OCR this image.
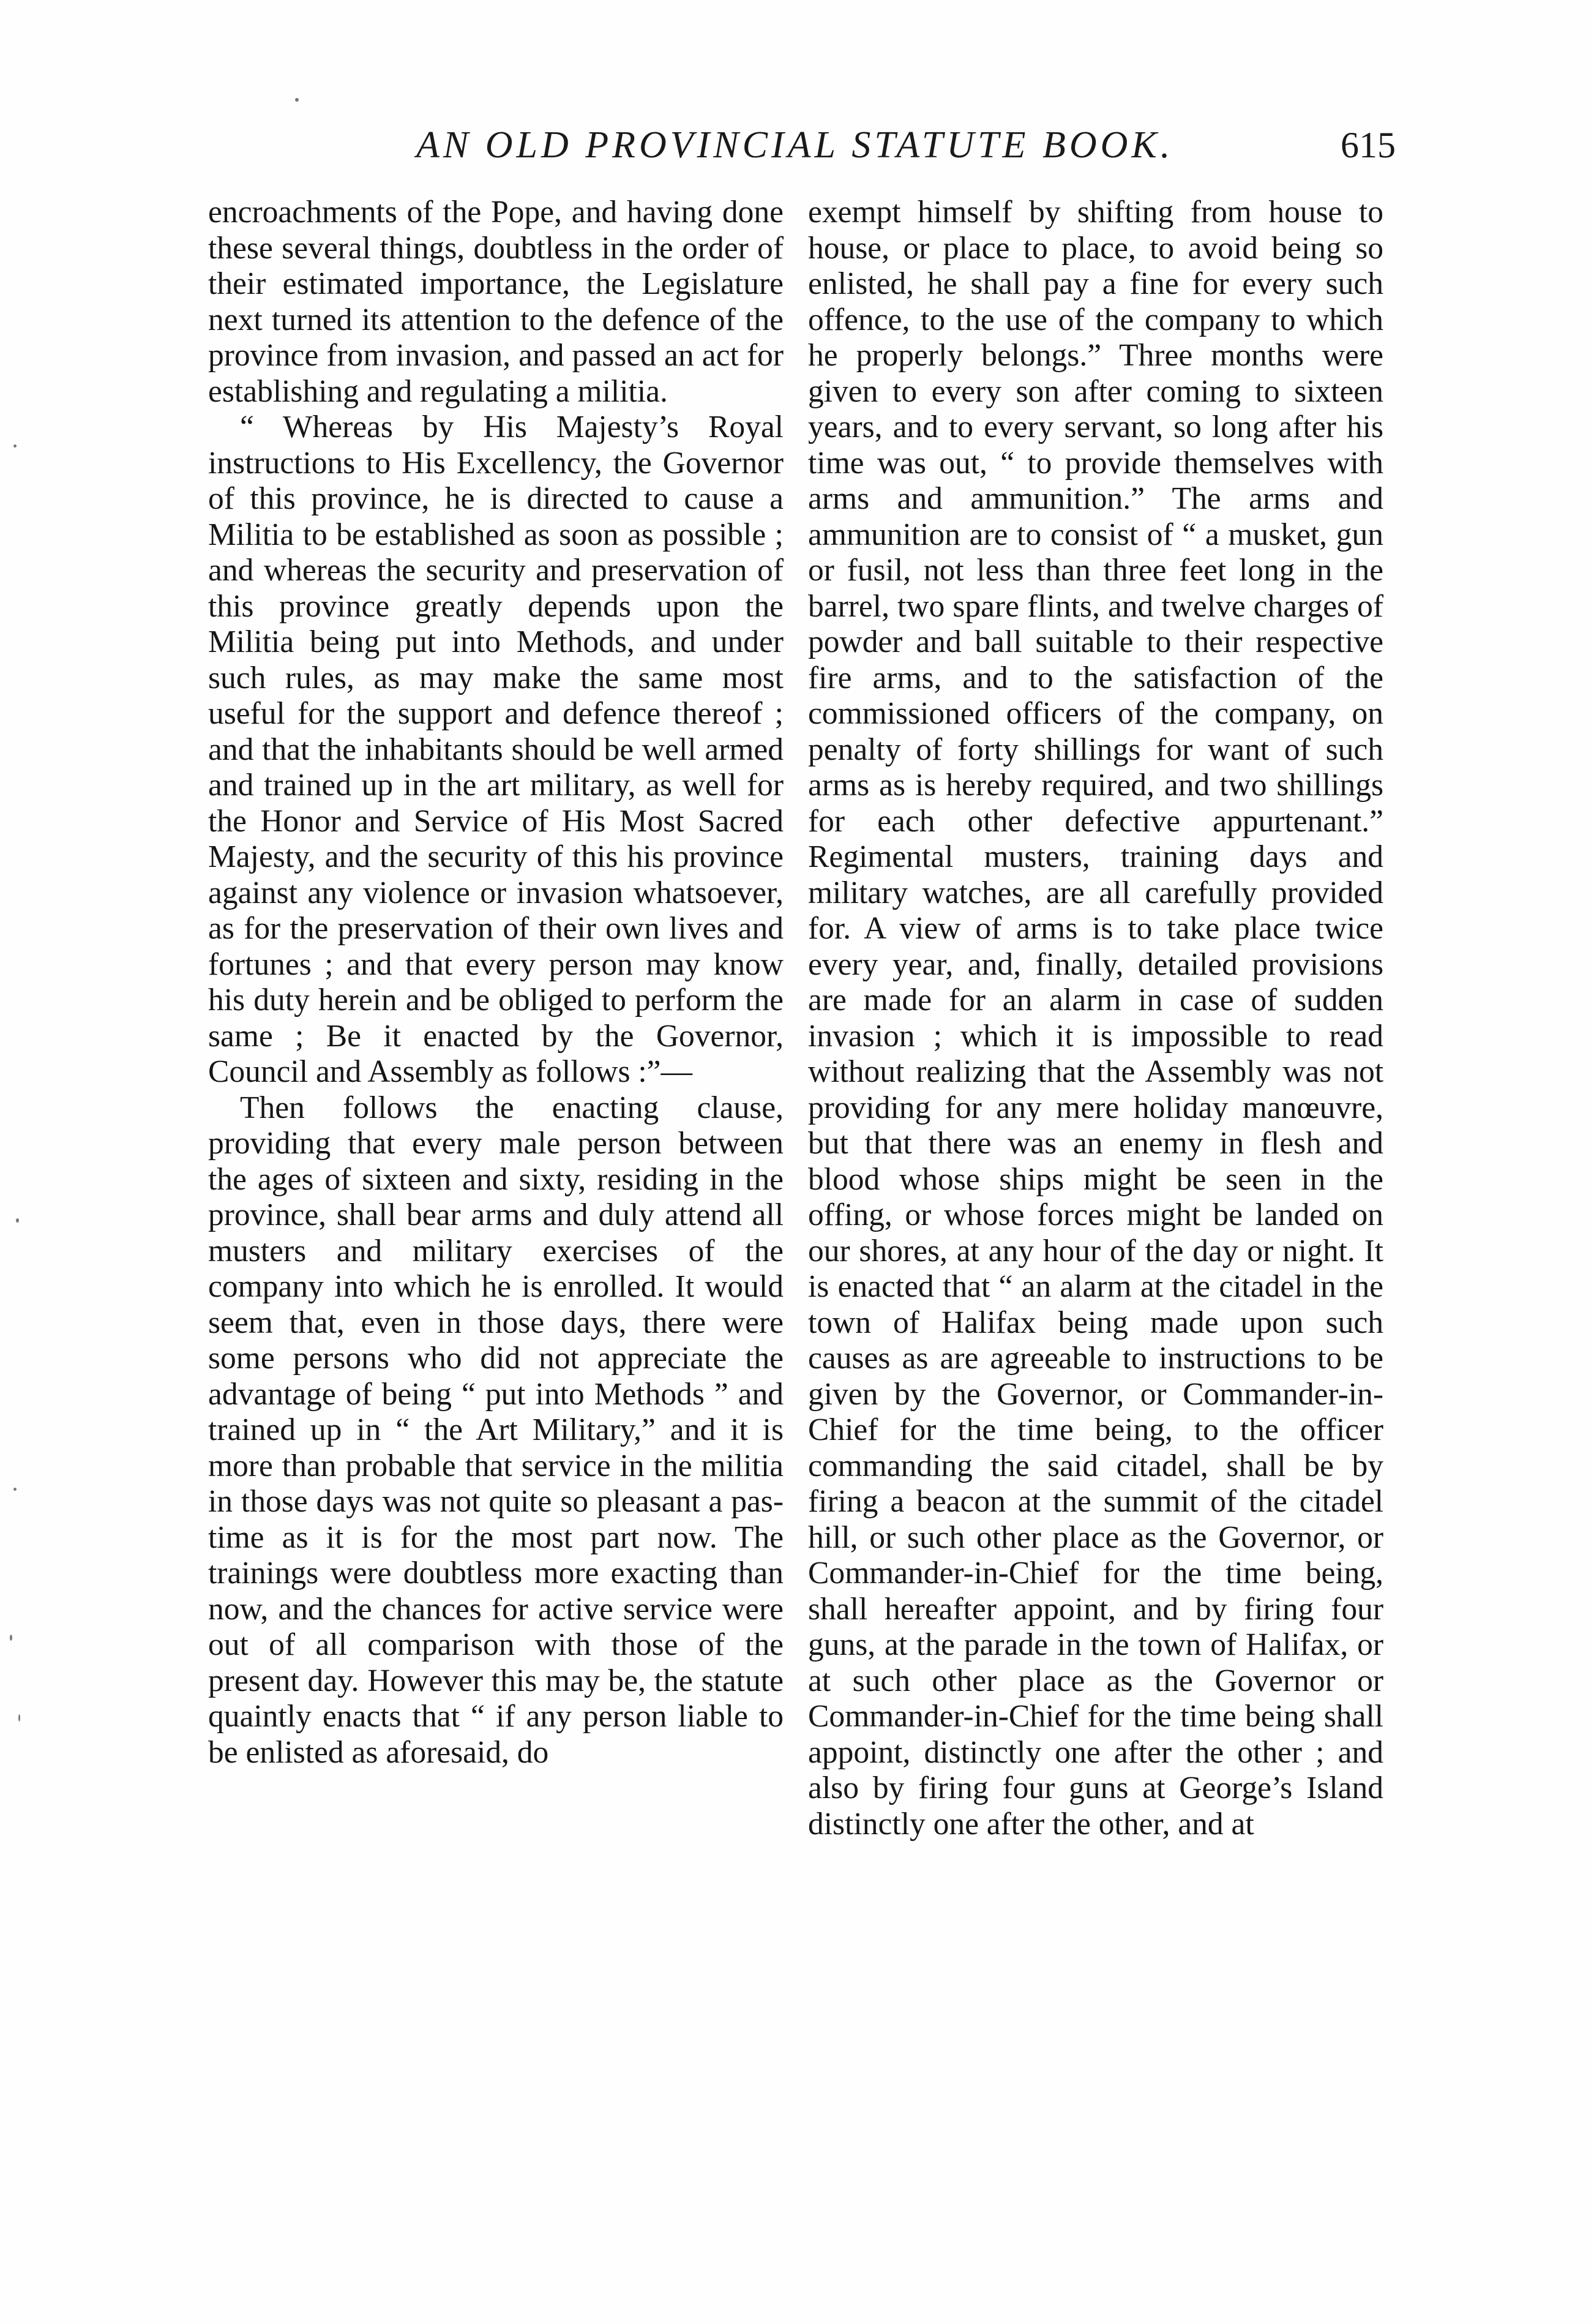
AN OLD PROVINCIAL STATUTE BOOK.	615

encroachments of the Pope, and having done these several things, doubtless in the order of their estimated importance, the Legislature next turned its attention to the defence of the province from invasion, and passed an act for establishing and regulating a militia.

“ Whereas by His Majesty’s Royal instructions to His Excellency, the Governor of this province, he is directed to cause a Militia to be established as soon as possible ; and whereas the security and preservation of this province greatly depends upon the Militia being put into Methods, and under such rules, as may make the same most useful for the support and defence thereof ; and that the inhabitants should be well armed and trained up in the art military, as well for the Honor and Service of His Most Sacred Majesty, and the security of this his province against any violence or invasion whatsoever, as for the preservation of their own lives and fortunes ; and that every person may know his duty herein and be obliged to perform the same ; Be it enacted by the Governor, Council and Assembly as follows :”—

Then follows the enacting clause, providing that every male person between the ages of sixteen and sixty, residing in the province, shall bear arms and duly attend all musters and military exercises of the company into which he is enrolled. It would seem that, even in those days, there were some persons who did not appreciate the advantage of being “ put into Methods ” and trained up in “ the Art Military,” and it is more than probable that service in the militia in those days was not quite so pleasant a pastime as it is for the most part now. The trainings were doubtless more exacting than now, and the chances for active service were out of all comparison with those of the present day. However this may be, the statute quaintly enacts that “ if any person liable to be enlisted as aforesaid, do

exempt himself by shifting from house to house, or place to place, to avoid being so enlisted, he shall pay a fine for every such offence, to the use of the company to which he properly belongs.” Three months were given to every son after coming to sixteen years, and to every servant, so long after his time was out, “ to provide themselves with arms and ammunition.” The arms and ammunition are to consist of “ a musket, gun or fusil, not less than three feet long in the barrel, two spare flints, and twelve charges of powder and ball suitable to their respective fire arms, and to the satisfaction of the commissioned officers of the company, on penalty of forty shillings for want of such arms as is hereby required, and two shillings for each other defective appurtenant.” Regimental musters, training days and military watches, are all carefully provided for. A view of arms is to take place twice every year, and, finally, detailed provisions are made for an alarm in case of sudden invasion ; which it is impossible to read without realizing that the Assembly was not providing for any mere holiday manœuvre, but that there was an enemy in flesh and blood whose ships might be seen in the offing, or whose forces might be landed on our shores, at any hour of the day or night. It is enacted that “ an alarm at the citadel in the town of Halifax being made upon such causes as are agreeable to instructions to be given by the Governor, or Commander-in-Chief for the time being, to the officer commanding the said citadel, shall be by firing a beacon at the summit of the citadel hill, or such other place as the Governor, or Commander-in-Chief for the time being, shall hereafter appoint, and by firing four guns, at the parade in the town of Halifax, or at such other place as the Governor or Commander-in-Chief for the time being shall appoint, distinctly one after the other ; and also by firing four guns at George’s Island distinctly one after the other, and at
